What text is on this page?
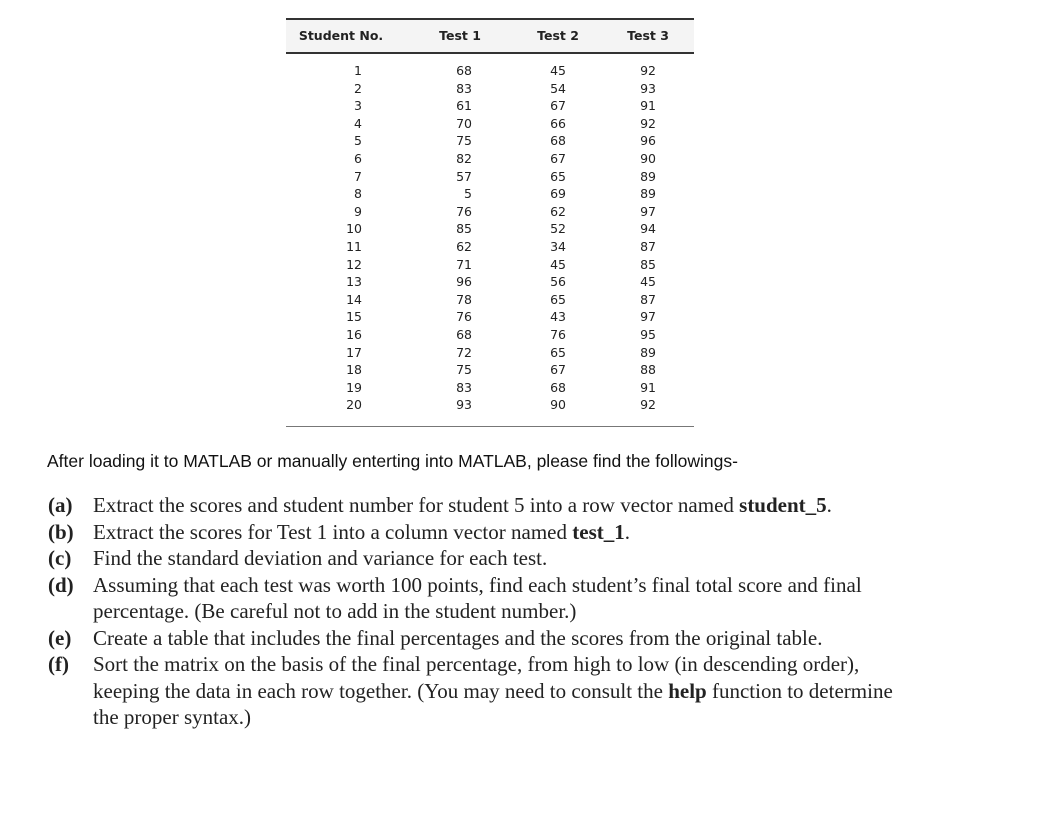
Student No.	Test 1	Test 2	Test 3
1	68	45	92
2	83	54	93
3	61	67	91
4	70	66	92
5	75	68	96
6	82	67	90
7	57	65	89
8	5	69	89
9	76	62	97
10	85	52	94
11	62	34	87
12	71	45	85
13	96	56	45
14	78	65	87
15	76	43	97
16	68	76	95
17	72	65	89
18	75	67	88
19	83	68	91
20	93	90	92
After loading it to MATLAB or manually enterting into MATLAB, please find the followings-
(a) Extract the scores and student number for student 5 into a row vector named student_5.
(b) Extract the scores for Test 1 into a column vector named test_1.
(c) Find the standard deviation and variance for each test.
(d) Assuming that each test was worth 100 points, find each student’s final total score and final percentage. (Be careful not to add in the student number.)
(e) Create a table that includes the final percentages and the scores from the original table.
(f) Sort the matrix on the basis of the final percentage, from high to low (in descending order), keeping the data in each row together. (You may need to consult the help function to determine the proper syntax.)
